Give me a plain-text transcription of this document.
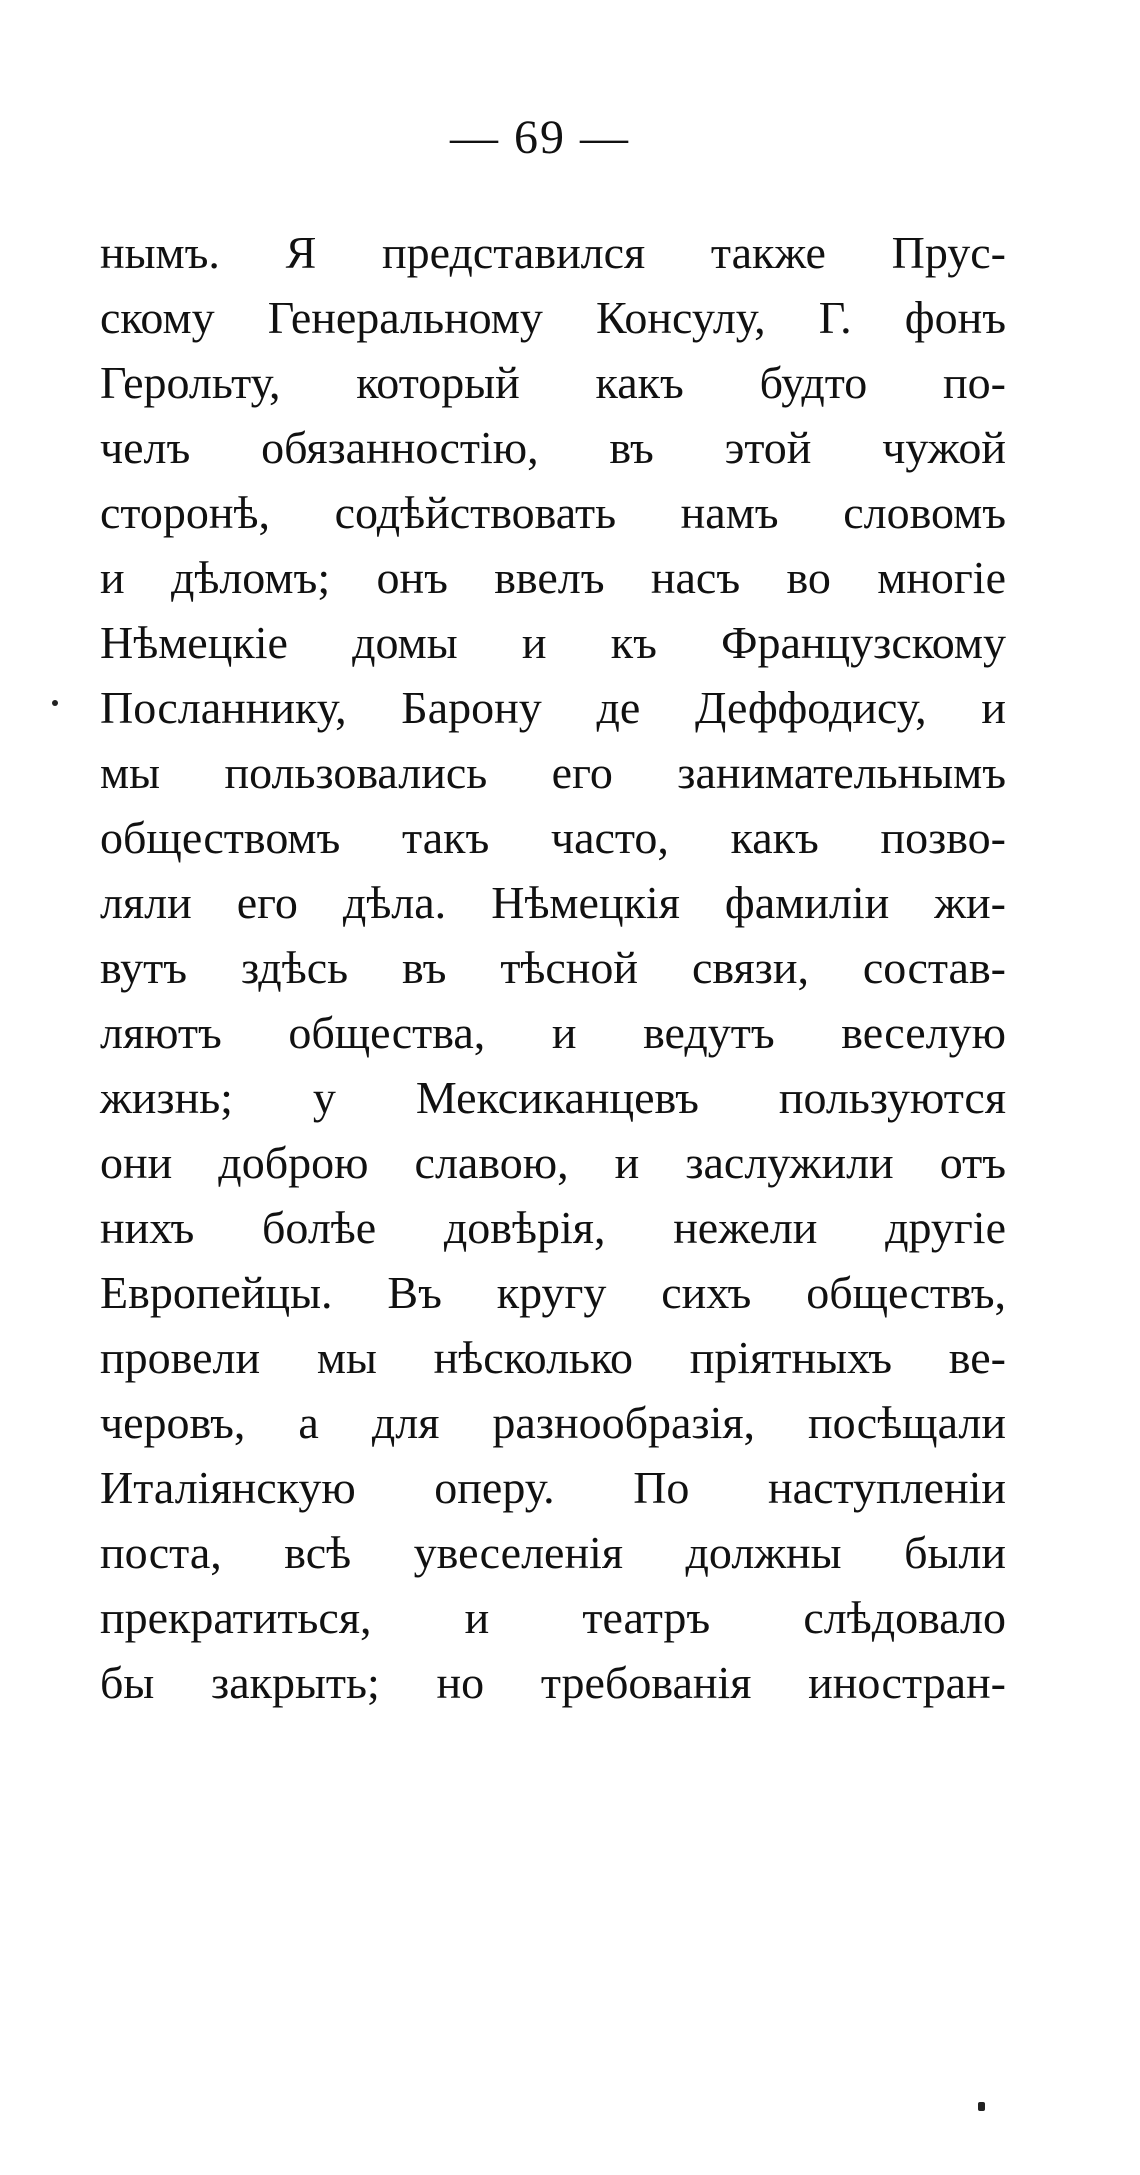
— 69 —
нымъ. Я представился также Прус-
скому Генеральному Консулу, Г. фонъ
Герольту, который какъ будто по-
челъ обязанностію, въ этой чужой
сторонѣ, содѣйствовать намъ словомъ
и дѣломъ; онъ ввелъ насъ во многіе
Нѣмецкіе домы и къ Французскому
Посланнику, Барону де Деффодису, и
мы пользовались его занимательнымъ
обществомъ такъ часто, какъ позво-
ляли его дѣла. Нѣмецкія фамиліи жи-
вутъ здѣсь въ тѣсной связи, состав-
ляютъ общества, и ведутъ веселую
жизнь; у Мексиканцевъ пользуются
они доброю славою, и заслужили отъ
нихъ болѣе довѣрія, нежели другіе
Европейцы. Въ кругу сихъ обществъ,
провели мы нѣсколько пріятныхъ ве-
черовъ, а для разнообразія, посѣщали
Италіянскую оперу. По наступленіи
поста, всѣ увеселенія должны были
прекратиться, и театръ слѣдовало
бы закрыть; но требованія иностран-
